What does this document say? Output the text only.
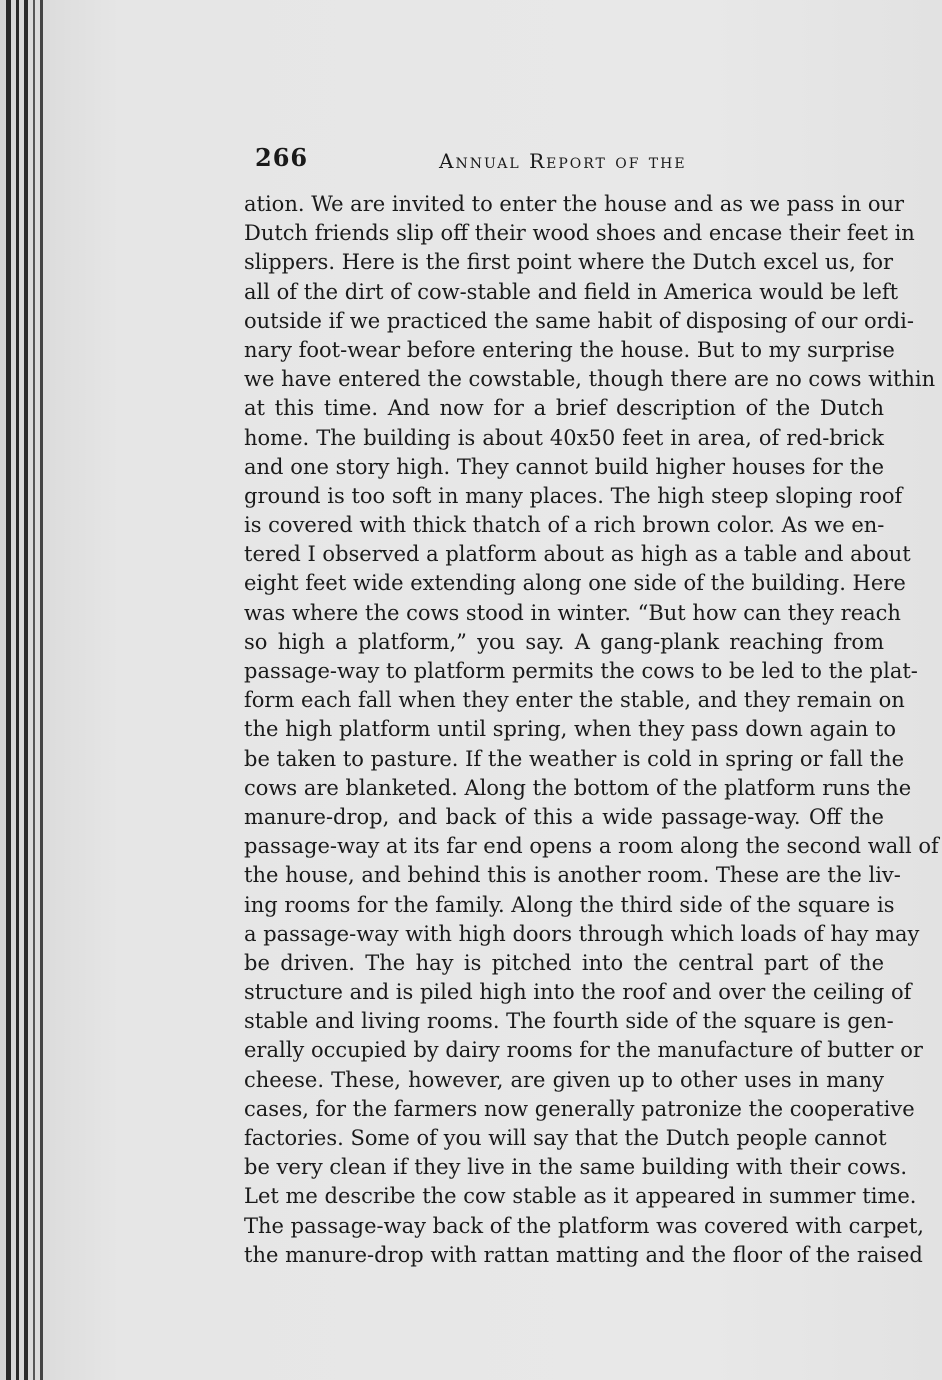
266	Annual Report of the
ation. We are invited to enter the house and as we pass in our
Dutch friends slip off their wood shoes and encase their feet in
slippers. Here is the first point where the Dutch excel us, for
all of the dirt of cow-stable and field in America would be left
outside if we practiced the same habit of disposing of our ordi-
nary foot-wear before entering the house. But to my surprise
we have entered the cowstable, though there are no cows within
at this time. And now for a brief description of the Dutch
home. The building is about 40x50 feet in area, of red-brick
and one story high. They cannot build higher houses for the
ground is too soft in many places. The high steep sloping roof
is covered with thick thatch of a rich brown color. As we en-
tered I observed a platform about as high as a table and about
eight feet wide extending along one side of the building. Here
was where the cows stood in winter. “But how can they reach
so high a platform,” you say. A gang-plank reaching from
passage-way to platform permits the cows to be led to the plat-
form each fall when they enter the stable, and they remain on
the high platform until spring, when they pass down again to
be taken to pasture. If the weather is cold in spring or fall the
cows are blanketed. Along the bottom of the platform runs the
manure-drop, and back of this a wide passage-way. Off the
passage-way at its far end opens a room along the second wall of
the house, and behind this is another room. These are the liv-
ing rooms for the family. Along the third side of the square is
a passage-way with high doors through which loads of hay may
be driven. The hay is pitched into the central part of the
structure and is piled high into the roof and over the ceiling of
stable and living rooms. The fourth side of the square is gen-
erally occupied by dairy rooms for the manufacture of butter or
cheese. These, however, are given up to other uses in many
cases, for the farmers now generally patronize the cooperative
factories. Some of you will say that the Dutch people cannot
be very clean if they live in the same building with their cows.
Let me describe the cow stable as it appeared in summer time.
The passage-way back of the platform was covered with carpet,
the manure-drop with rattan matting and the floor of the raised
